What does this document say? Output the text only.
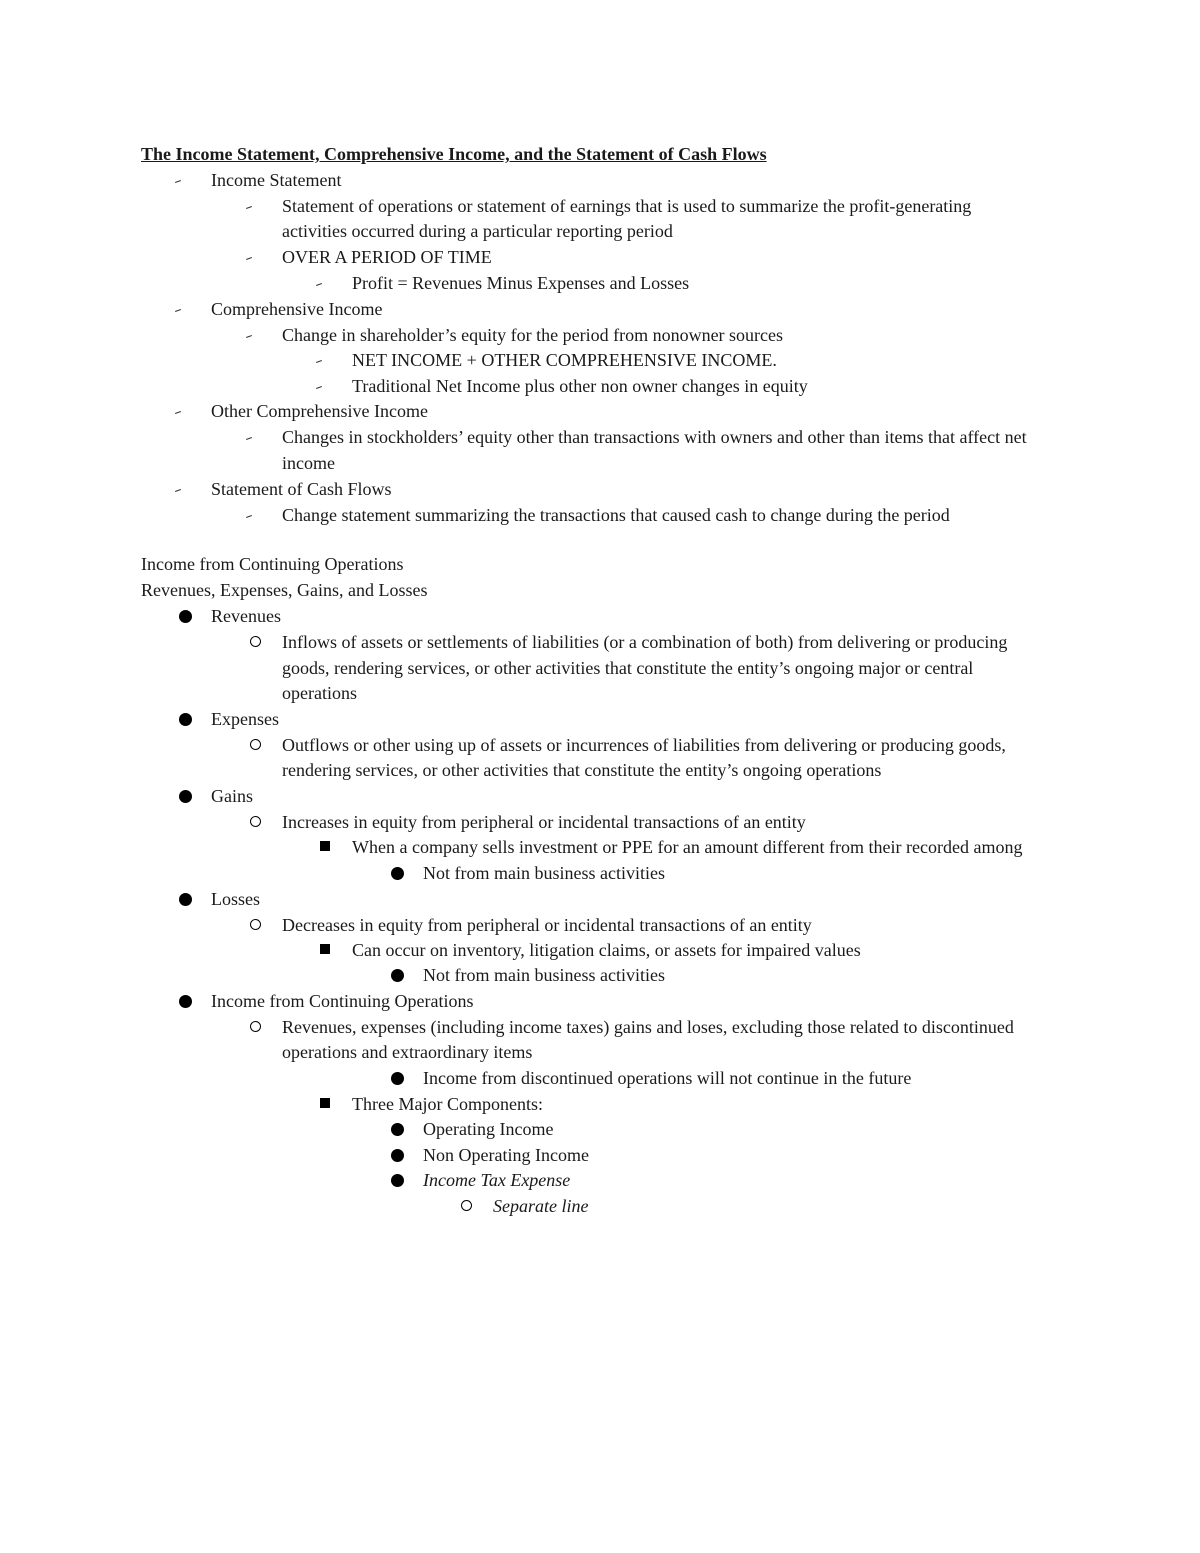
The Income Statement, Comprehensive Income, and the Statement of Cash Flows
Income Statement
Statement of operations or statement of earnings that is used to summarize the profit-generating
activities occurred during a particular reporting period
OVER A PERIOD OF TIME
Profit = Revenues Minus Expenses and Losses
Comprehensive Income
Change in shareholder’s equity for the period from nonowner sources
NET INCOME + OTHER COMPREHENSIVE INCOME.
Traditional Net Income plus other non owner changes in equity
Other Comprehensive Income
Changes in stockholders’ equity other than transactions with owners and other than items that affect net
income
Statement of Cash Flows
Change statement summarizing the transactions that caused cash to change during the period
Income from Continuing Operations
Revenues, Expenses, Gains, and Losses
Revenues
Inflows of assets or settlements of liabilities (or a combination of both) from delivering or producing
goods, rendering services, or other activities that constitute the entity’s ongoing major or central
operations
Expenses
Outflows or other using up of assets or incurrences of liabilities from delivering or producing goods,
rendering services, or other activities that constitute the entity’s ongoing operations
Gains
Increases in equity from peripheral or incidental transactions of an entity
When a company sells investment or PPE for an amount different from their recorded among
Not from main business activities
Losses
Decreases in equity from peripheral or incidental transactions of an entity
Can occur on inventory, litigation claims, or assets for impaired values
Not from main business activities
Income from Continuing Operations
Revenues, expenses (including income taxes) gains and loses, excluding those related to discontinued
operations and extraordinary items
Income from discontinued operations will not continue in the future
Three Major Components:
Operating Income
Non Operating Income
Income Tax Expense
Separate line
